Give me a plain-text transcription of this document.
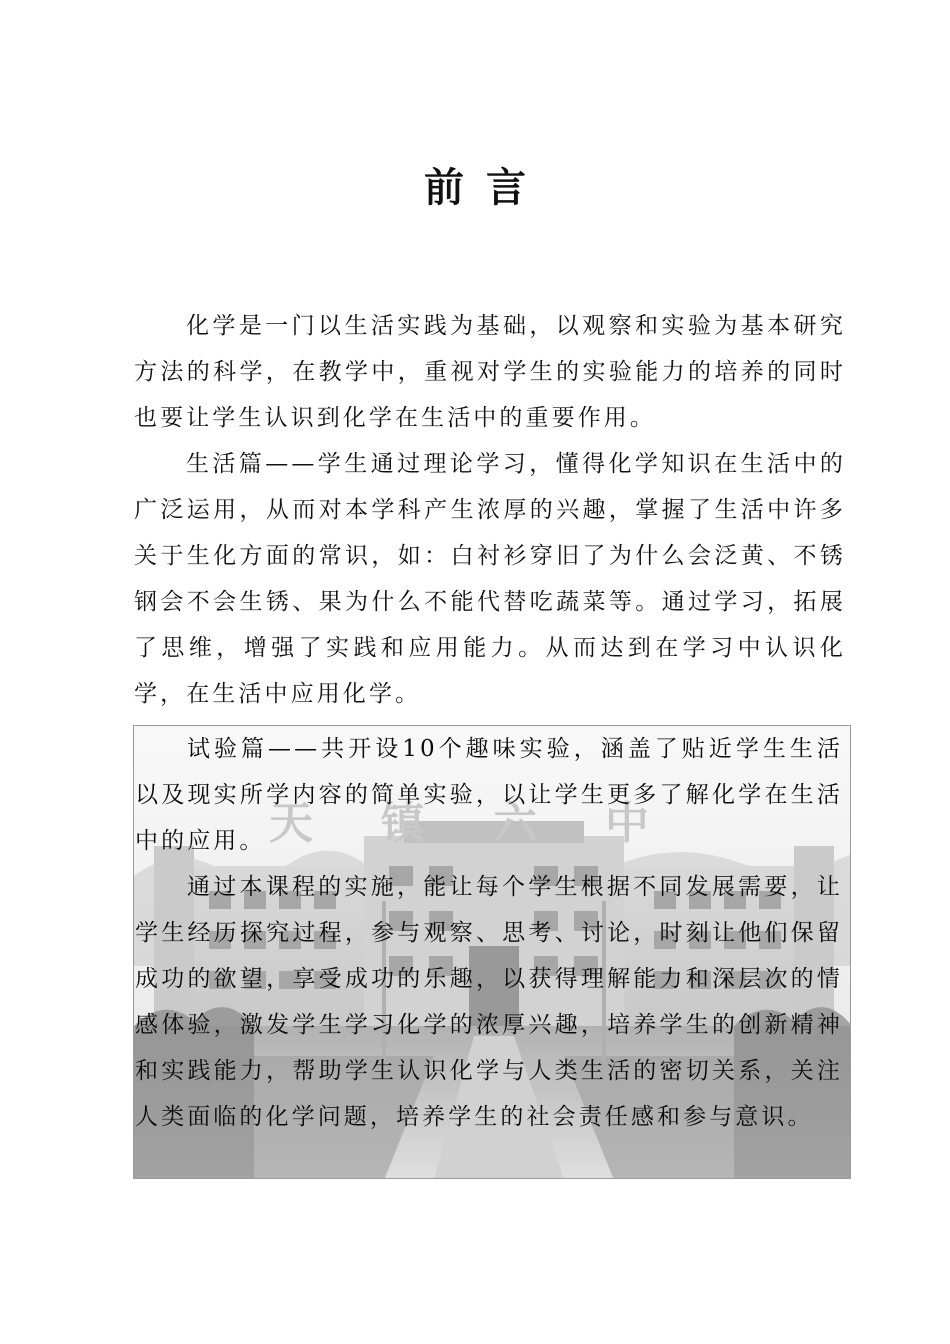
前言

化学是一门以生活实践为基础，以观察和实验为基本研究方法的科学，在教学中，重视对学生的实验能力的培养的同时也要让学生认识到化学在生活中的重要作用。

生活篇——学生通过理论学习，懂得化学知识在生活中的广泛运用，从而对本学科产生浓厚的兴趣，掌握了生活中许多关于生化方面的常识，如：白衬衫穿旧了为什么会泛黄、不锈钢会不会生锈、果为什么不能代替吃蔬菜等。通过学习，拓展了思维，增强了实践和应用能力。从而达到在学习中认识化学，在生活中应用化学。

天镇六中

试验篇——共开设10个趣味实验，涵盖了贴近学生生活以及现实所学内容的简单实验，以让学生更多了解化学在生活中的应用。

通过本课程的实施，能让每个学生根据不同发展需要，让学生经历探究过程，参与观察、思考、讨论，时刻让他们保留成功的欲望，享受成功的乐趣，以获得理解能力和深层次的情感体验，激发学生学习化学的浓厚兴趣，培养学生的创新精神和实践能力，帮助学生认识化学与人类生活的密切关系，关注人类面临的化学问题，培养学生的社会责任感和参与意识。
